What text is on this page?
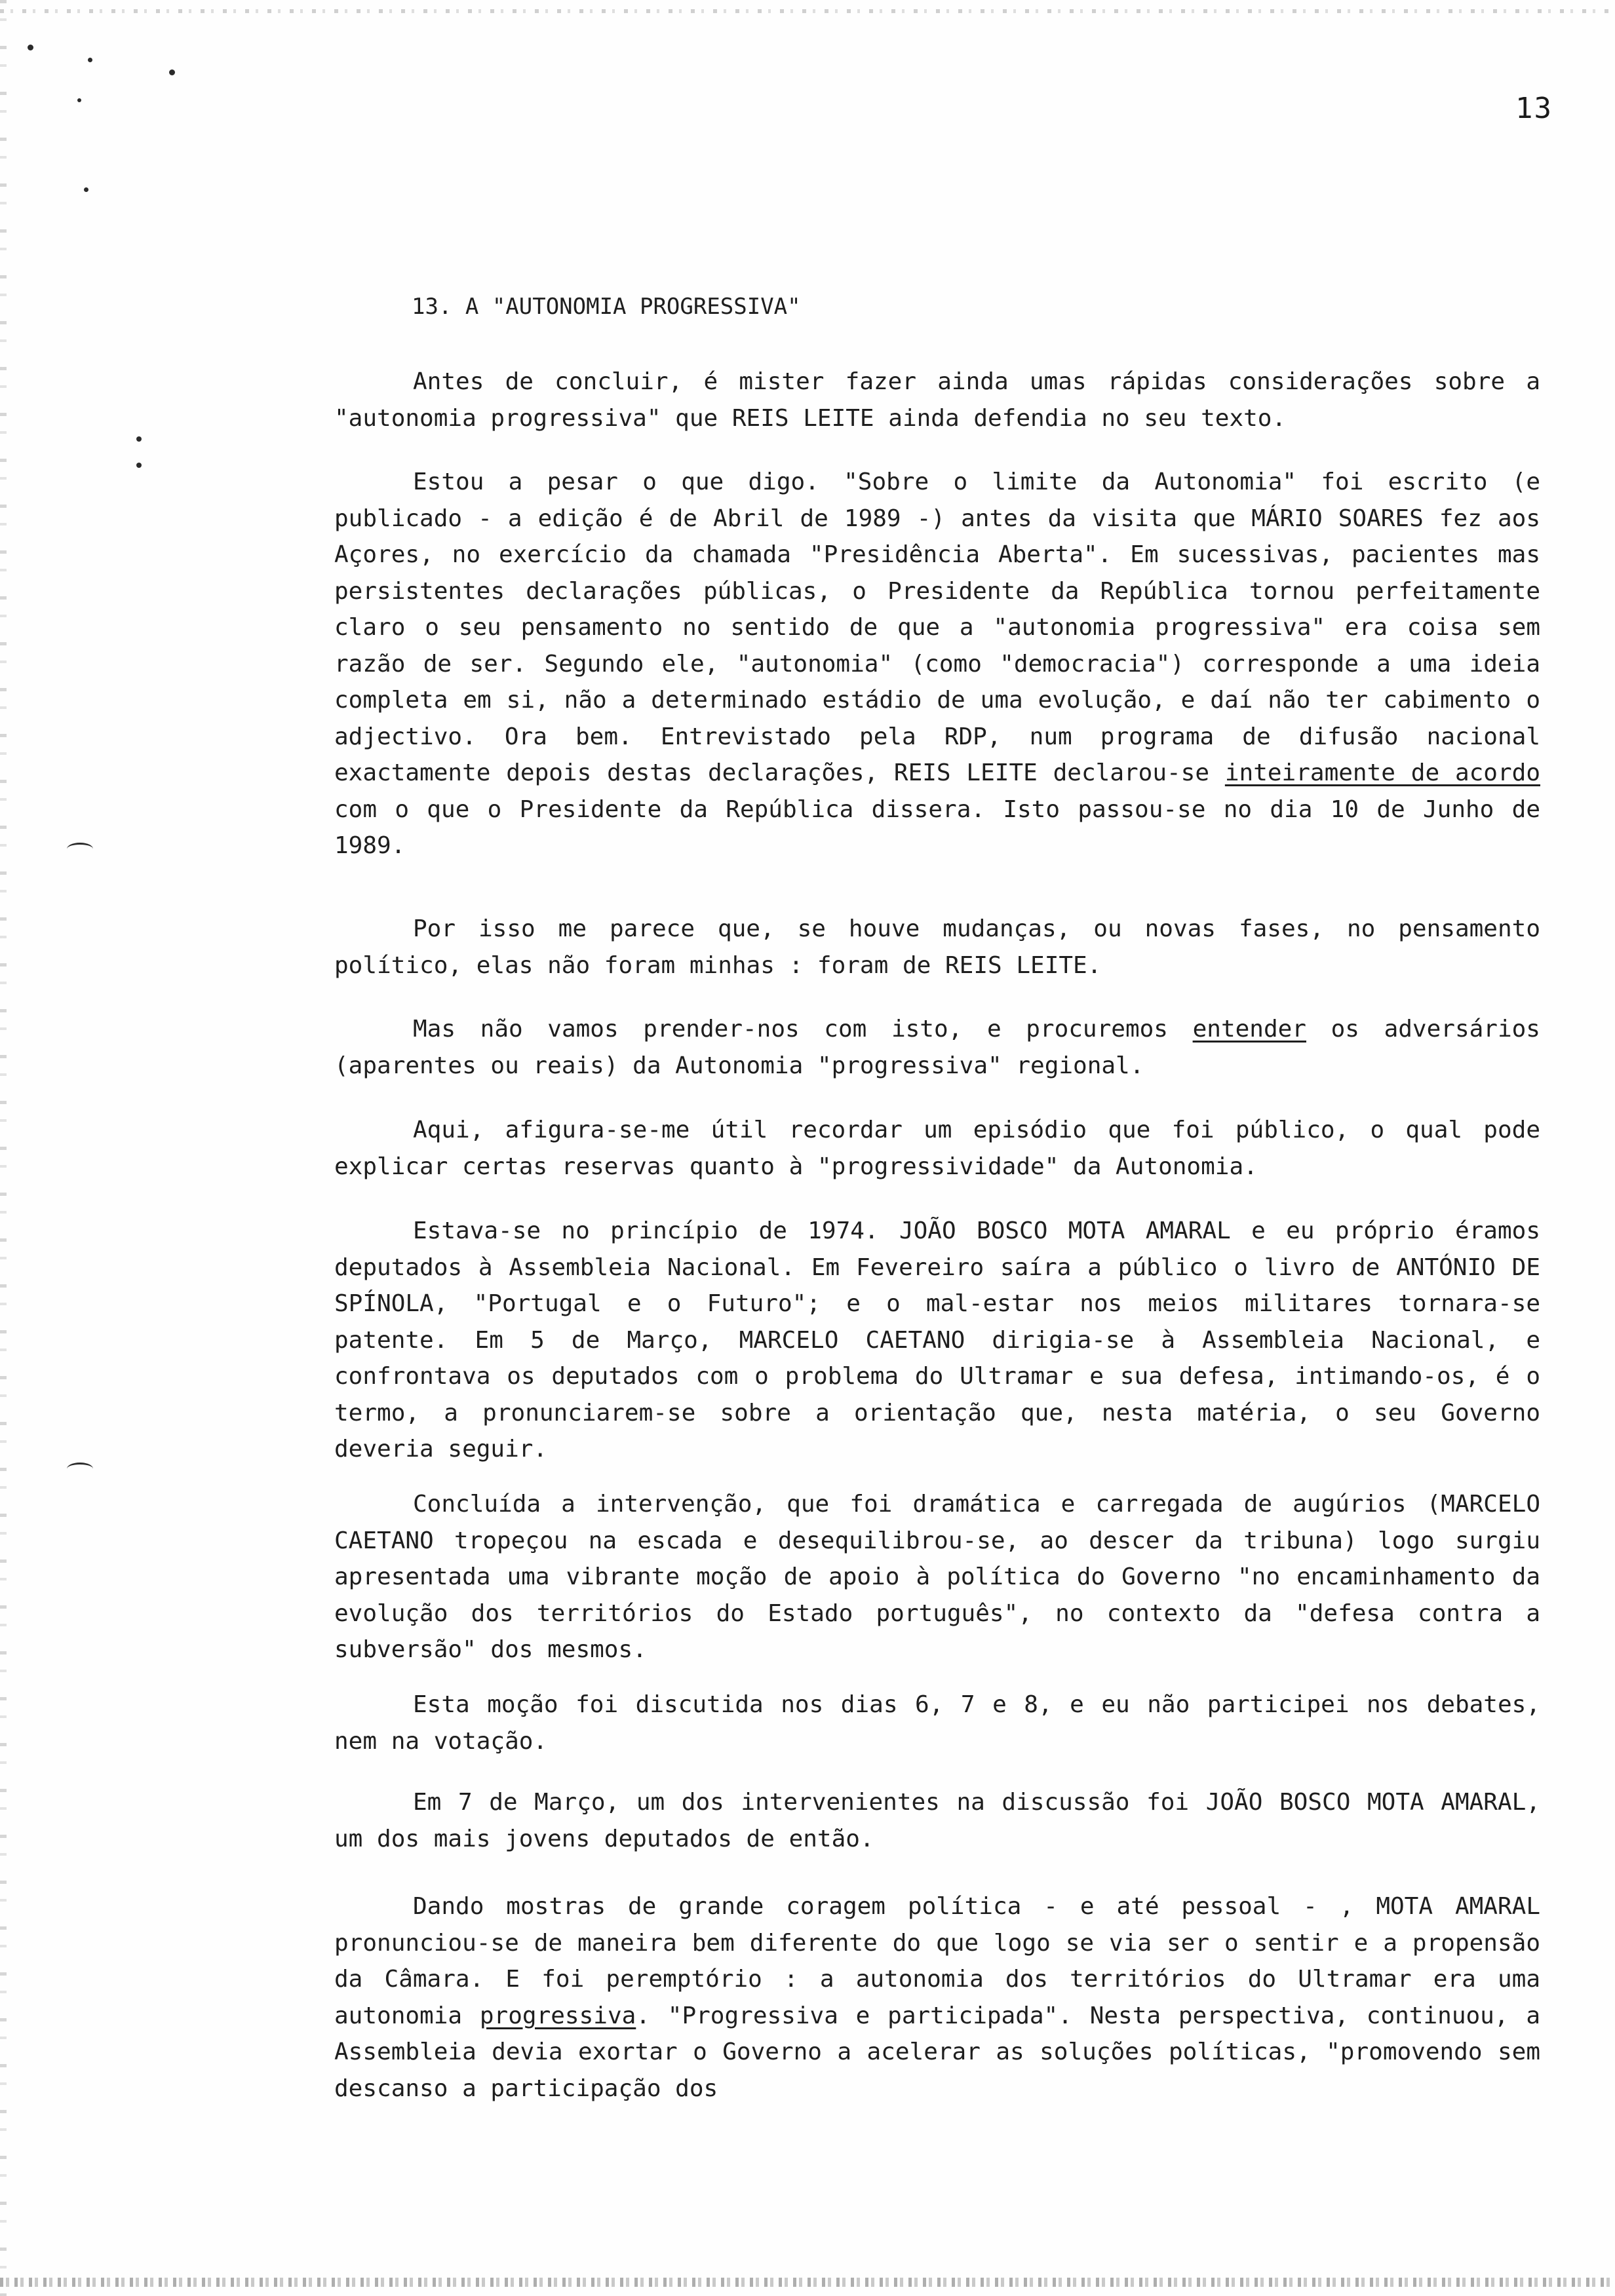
13
13. A "AUTONOMIA PROGRESSIVA"

Antes de concluir, é mister fazer ainda umas rápidas considerações sobre a "autonomia progressiva" que REIS LEITE ainda defendia no seu texto.

Estou a pesar o que digo. "Sobre o limite da Autonomia" foi escrito (e publicado - a edição é de Abril de 1989 -) antes da visita que MÁRIO SOARES fez aos Açores, no exercício da chamada "Presidência Aberta". Em sucessivas, pacientes mas persistentes declarações públicas, o Presidente da República tornou perfeitamente claro o seu pensamento no sentido de que a "autonomia progressiva" era coisa sem razão de ser. Segundo ele, "autonomia" (como "democracia") corresponde a uma ideia completa em si, não a determinado estádio de uma evolução, e daí não ter cabimento o adjectivo. Ora bem. Entrevistado pela RDP, num programa de difusão nacional exactamente depois destas declarações, REIS LEITE declarou-se inteiramente de acordo com o que o Presidente da República dissera. Isto passou-se no dia 10 de Junho de 1989.

Por isso me parece que, se houve mudanças, ou novas fases, no pensamento político, elas não foram minhas : foram de REIS LEITE.

Mas não vamos prender-nos com isto, e procuremos entender os adversários (aparentes ou reais) da Autonomia "progressiva" regional.

Aqui, afigura-se-me útil recordar um episódio que foi público, o qual pode explicar certas reservas quanto à "progressividade" da Autonomia.

Estava-se no princípio de 1974. JOÃO BOSCO MOTA AMARAL e eu próprio éramos deputados à Assembleia Nacional. Em Fevereiro saíra a público o livro de ANTÓNIO DE SPÍNOLA, "Portugal e o Futuro"; e o mal-estar nos meios militares tornara-se patente. Em 5 de Março, MARCELO CAETANO dirigia-se à Assembleia Nacional, e confrontava os deputados com o problema do Ultramar e sua defesa, intimando-os, é o termo, a pronunciarem-se sobre a orientação que, nesta matéria, o seu Governo deveria seguir.

Concluída a intervenção, que foi dramática e carregada de augúrios (MARCELO CAETANO tropeçou na escada e desequilibrou-se, ao descer da tribuna) logo surgiu apresentada uma vibrante moção de apoio à política do Governo "no encaminhamento da evolução dos territórios do Estado português", no contexto da "defesa contra a subversão" dos mesmos.

Esta moção foi discutida nos dias 6, 7 e 8, e eu não participei nos debates, nem na votação.

Em 7 de Março, um dos intervenientes na discussão foi JOÃO BOSCO MOTA AMARAL, um dos mais jovens deputados de então.

Dando mostras de grande coragem política - e até pessoal - , MOTA AMARAL pronunciou-se de maneira bem diferente do que logo se via ser o sentir e a propensão da Câmara. E foi peremptório : a autonomia dos territórios do Ultramar era uma autonomia progressiva. "Progressiva e participada". Nesta perspectiva, continuou, a Assembleia devia exortar o Governo a acelerar as soluções políticas, "promovendo sem descanso a participação dos
